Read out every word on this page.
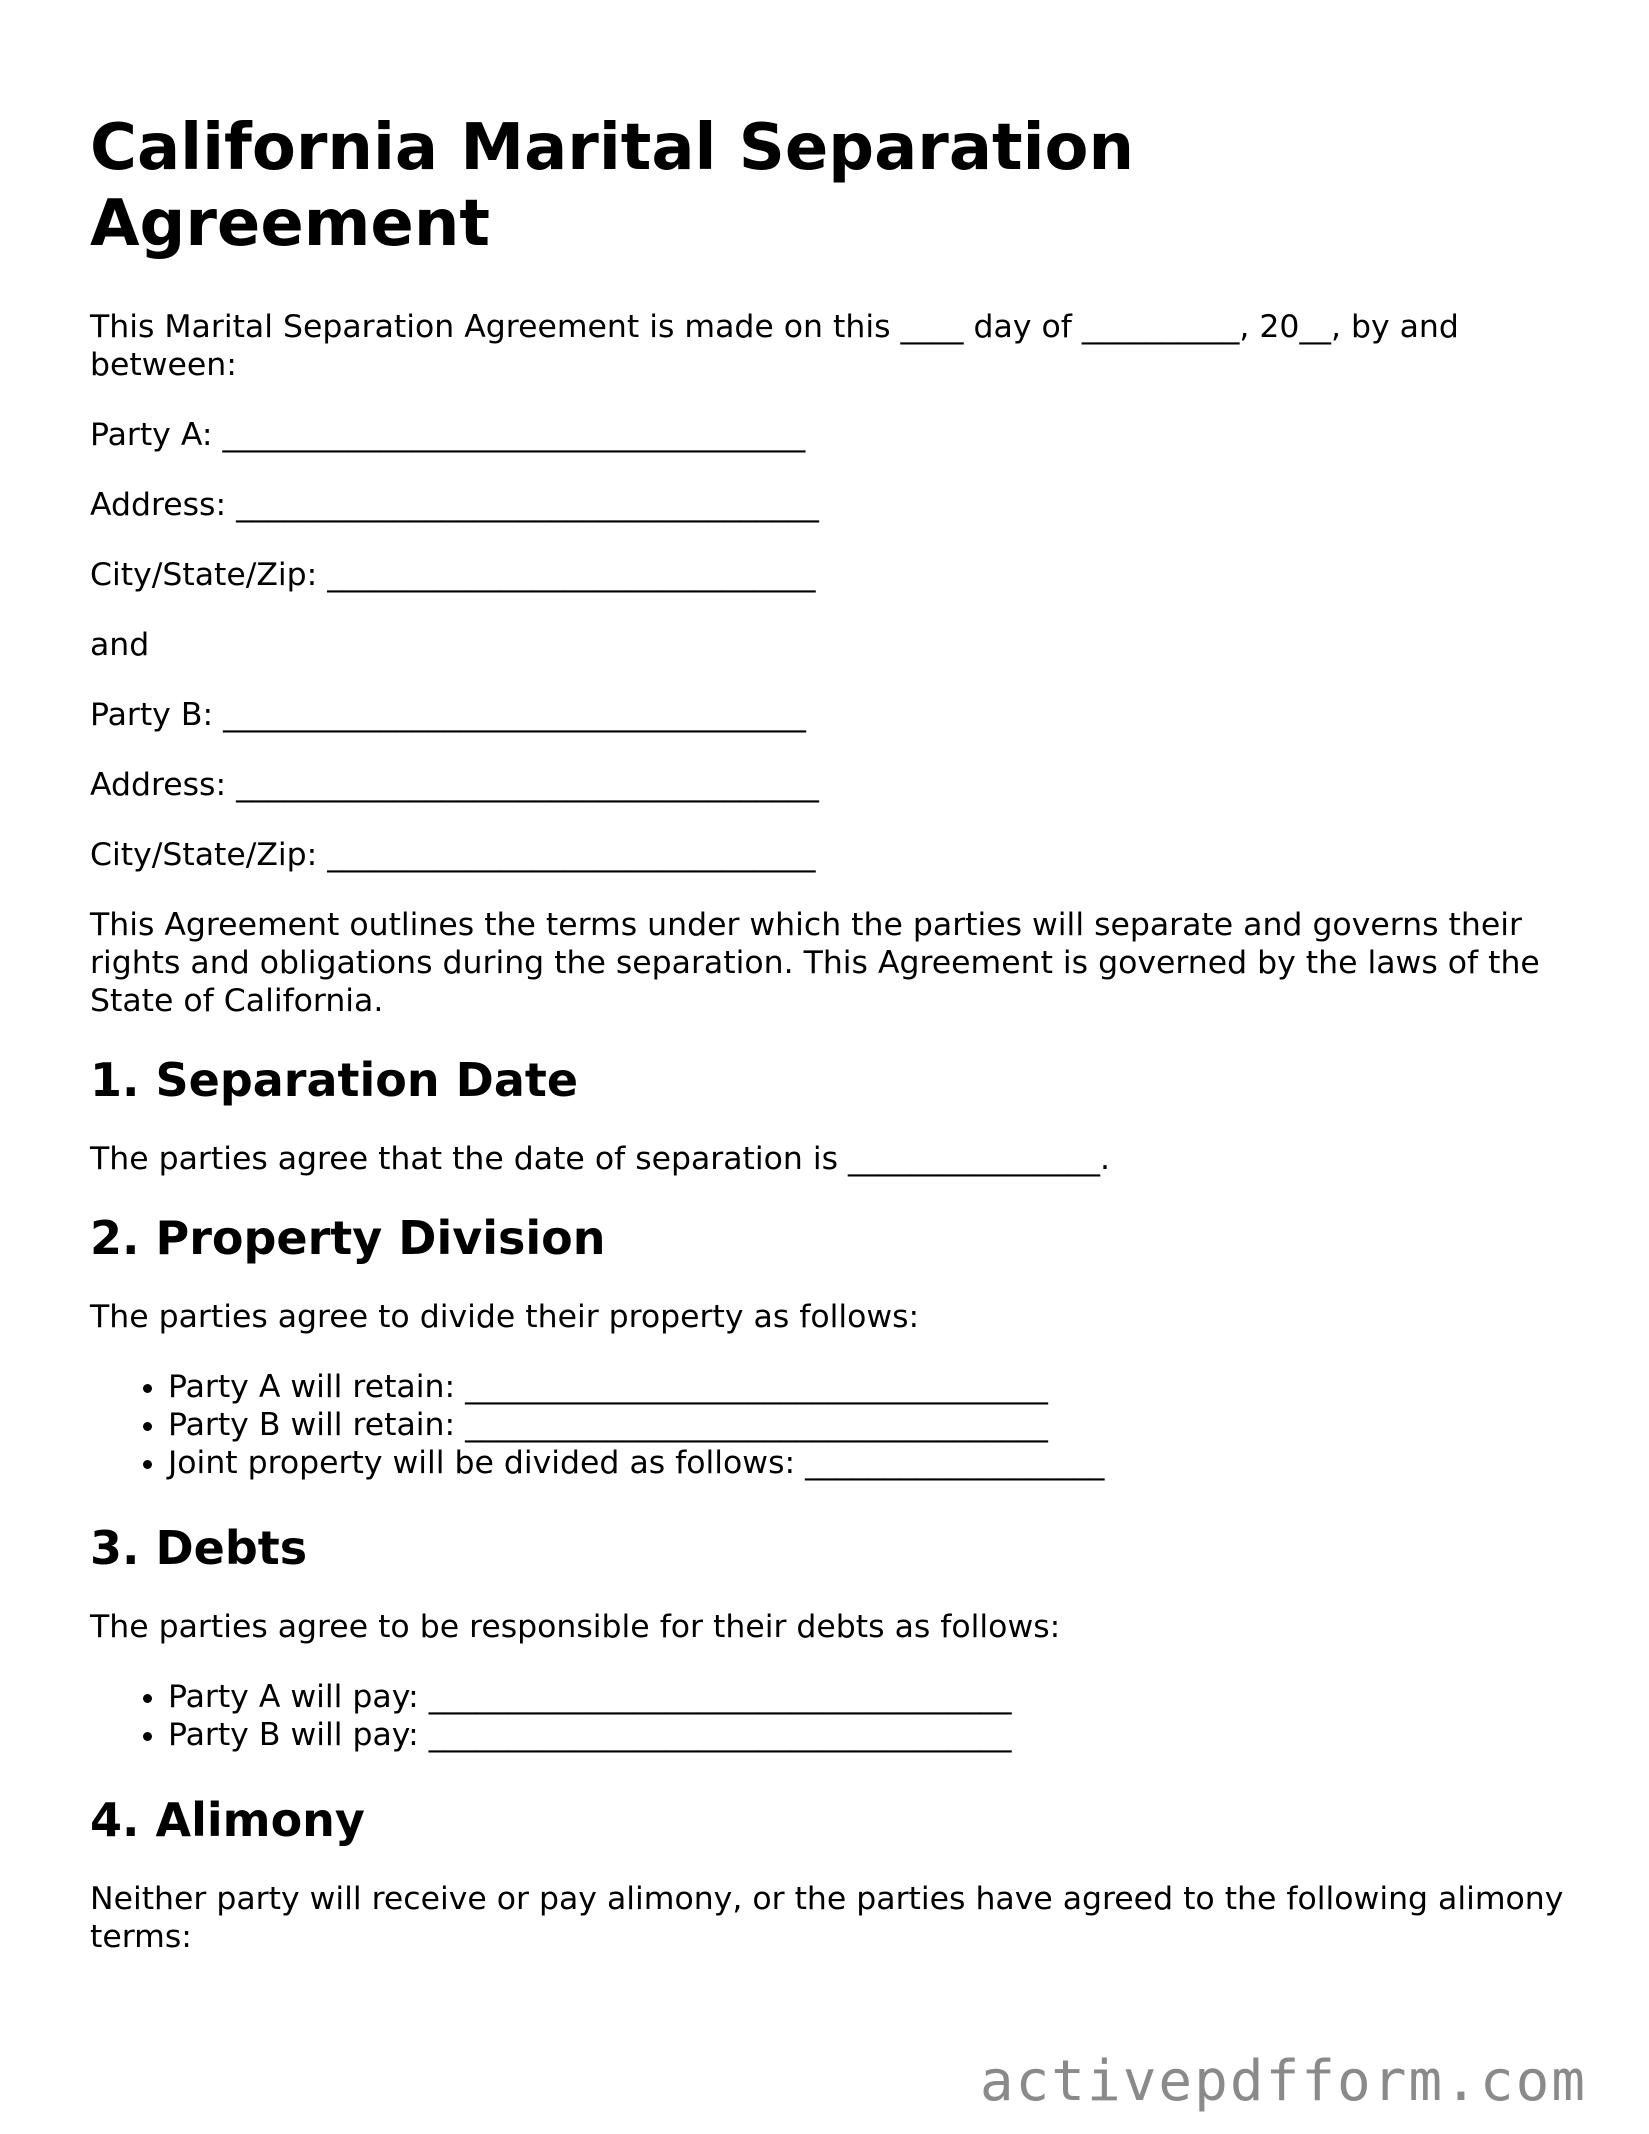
California Marital Separation Agreement

This Marital Separation Agreement is made on this ____ day of __________, 20__, by and between:

Party A: _____________________________________
Address: _____________________________________
City/State/Zip: _______________________________
and
Party B: _____________________________________
Address: _____________________________________
City/State/Zip: _______________________________

This Agreement outlines the terms under which the parties will separate and governs their rights and obligations during the separation. This Agreement is governed by the laws of the State of California.

1. Separation Date

The parties agree that the date of separation is ________________.

2. Property Division

The parties agree to divide their property as follows:

• Party A will retain: _____________________________________
• Party B will retain: _____________________________________
• Joint property will be divided as follows: ___________________
3. Debts

The parties agree to be responsible for their debts as follows:

• Party A will pay: _____________________________________
• Party B will pay: _____________________________________
4. Alimony

Neither party will receive or pay alimony, or the parties have agreed to the following alimony terms:

activepdfform.com
